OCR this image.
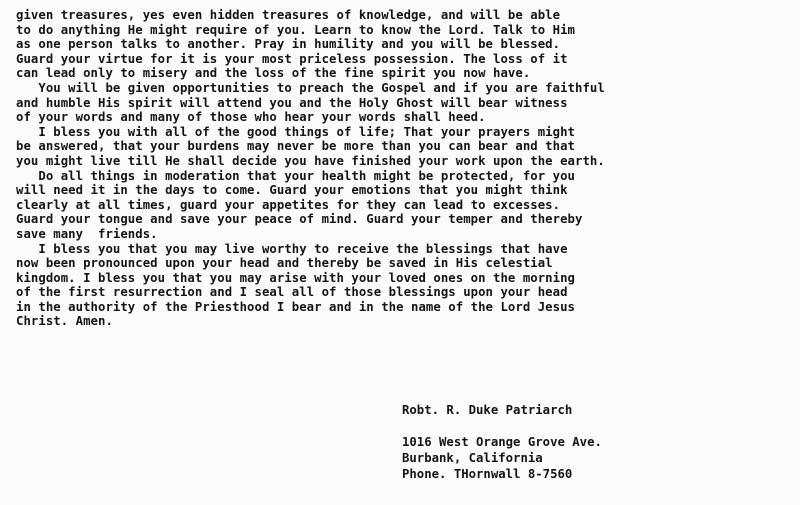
given treasures, yes even hidden treasures of knowledge, and will be able
to do anything He might require of you. Learn to know the Lord. Talk to Him
as one person talks to another. Pray in humility and you will be blessed.
Guard your virtue for it is your most priceless possession. The loss of it
can lead only to misery and the loss of the fine spirit you now have.
You will be given opportunities to preach the Gospel and if you are faithful
and humble His spirit will attend you and the Holy Ghost will bear witness
of your words and many of those who hear your words shall heed.
I bless you with all of the good things of life; That your prayers might
be answered, that your burdens may never be more than you can bear and that
you might live till He shall decide you have finished your work upon the earth.
Do all things in moderation that your health might be protected, for you
will need it in the days to come. Guard your emotions that you might think
clearly at all times, guard your appetites for they can lead to excesses.
Guard your tongue and save your peace of mind. Guard your temper and thereby
save many  friends.
I bless you that you may live worthy to receive the blessings that have
now been pronounced upon your head and thereby be saved in His celestial
kingdom. I bless you that you may arise with your loved ones on the morning
of the first resurrection and I seal all of those blessings upon your head
in the authority of the Priesthood I bear and in the name of the Lord Jesus
Christ. Amen.
Robt. R. Duke Patriarch
1016 West Orange Grove Ave.
Burbank, California
Phone. THornwall 8-7560
